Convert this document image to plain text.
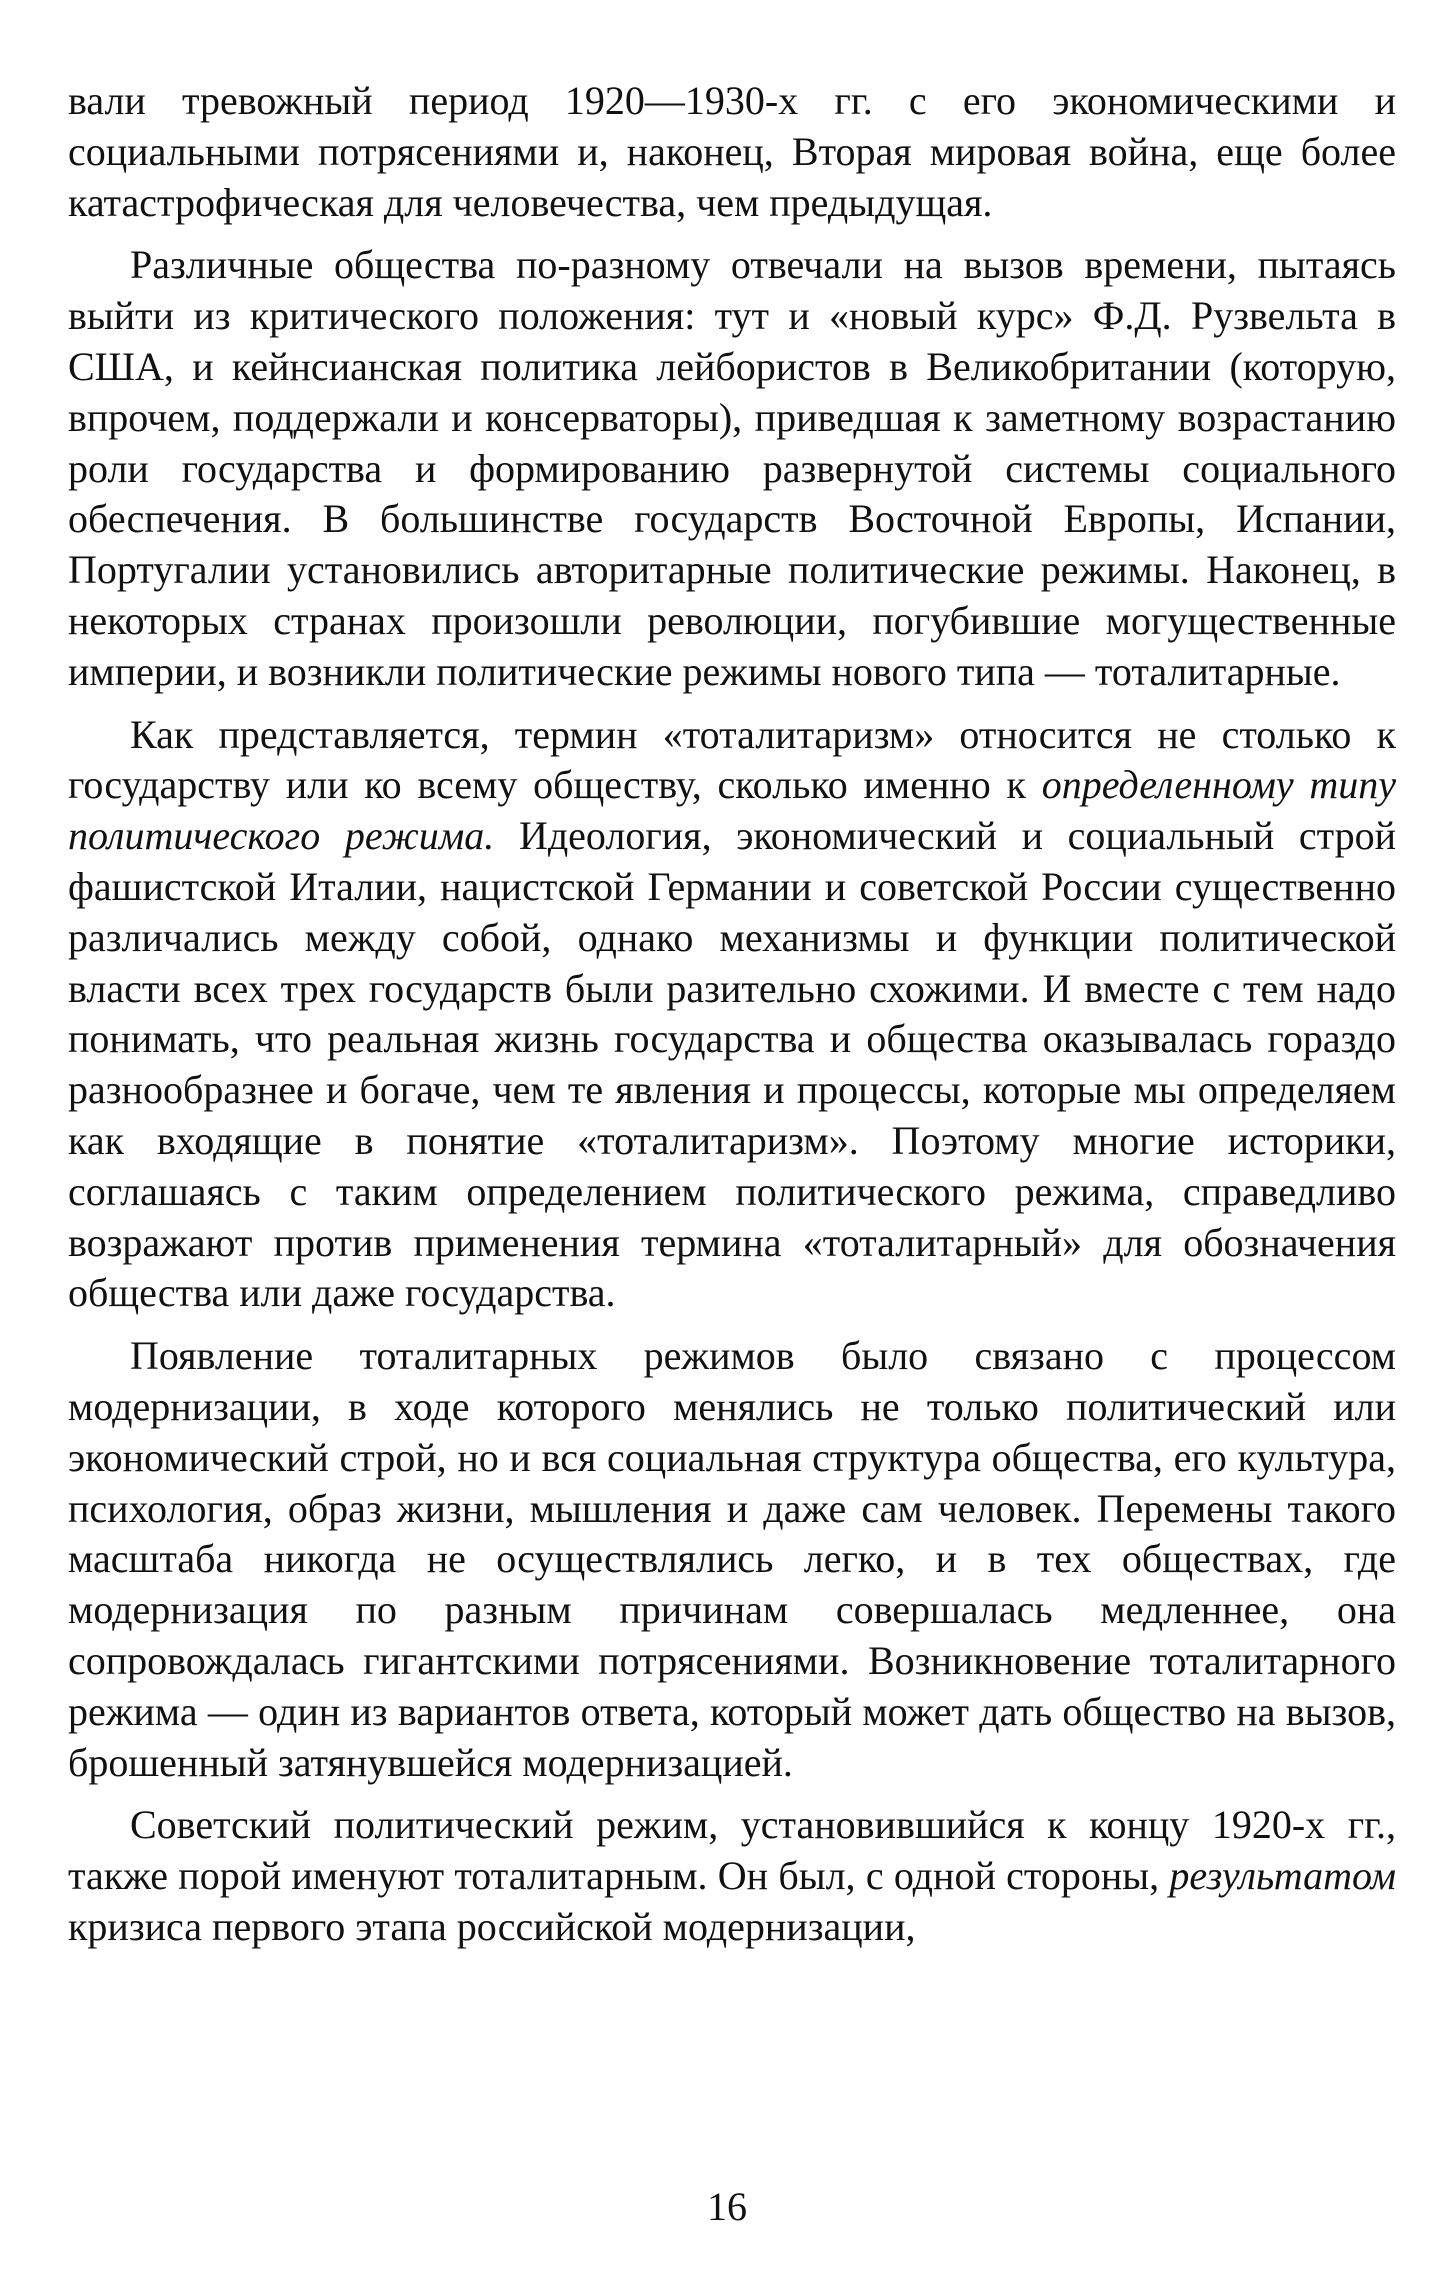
вали тревожный период 1920—1930-х гг. с его экономическими и социальными потрясениями и, наконец, Вторая мировая война, еще более катастрофическая для человечества, чем предыдущая.

Различные общества по-разному отвечали на вызов времени, пытаясь выйти из критического положения: тут и «новый курс» Ф.Д. Рузвельта в США, и кейнсианская политика лейбористов в Великобритании (которую, впрочем, поддержали и консерваторы), приведшая к заметному возрастанию роли государства и формированию развернутой системы социального обеспечения. В большинстве государств Восточной Европы, Испании, Португалии установились авторитарные политические режимы. Наконец, в некоторых странах произошли революции, погубившие могущественные империи, и возникли политические режимы нового типа — тоталитарные.

Как представляется, термин «тоталитаризм» относится не столько к государству или ко всему обществу, сколько именно к определенному типу политического режима. Идеология, экономический и социальный строй фашистской Италии, нацистской Германии и советской России существенно различались между собой, однако механизмы и функции политической власти всех трех государств были разительно схожими. И вместе с тем надо понимать, что реальная жизнь государства и общества оказывалась гораздо разнообразнее и богаче, чем те явления и процессы, которые мы определяем как входящие в понятие «тоталитаризм». Поэтому многие историки, соглашаясь с таким определением политического режима, справедливо возражают против применения термина «тоталитарный» для обозначения общества или даже государства.

Появление тоталитарных режимов было связано с процессом модернизации, в ходе которого менялись не только политический или экономический строй, но и вся социальная структура общества, его культура, психология, образ жизни, мышления и даже сам человек. Перемены такого масштаба никогда не осуществлялись легко, и в тех обществах, где модернизация по разным причинам совершалась медленнее, она сопровождалась гигантскими потрясениями. Возникновение тоталитарного режима — один из вариантов ответа, который может дать общество на вызов, брошенный затянувшейся модернизацией.

Советский политический режим, установившийся к концу 1920-х гг., также порой именуют тоталитарным. Он был, с одной стороны, результатом кризиса первого этапа российской модернизации,

16
